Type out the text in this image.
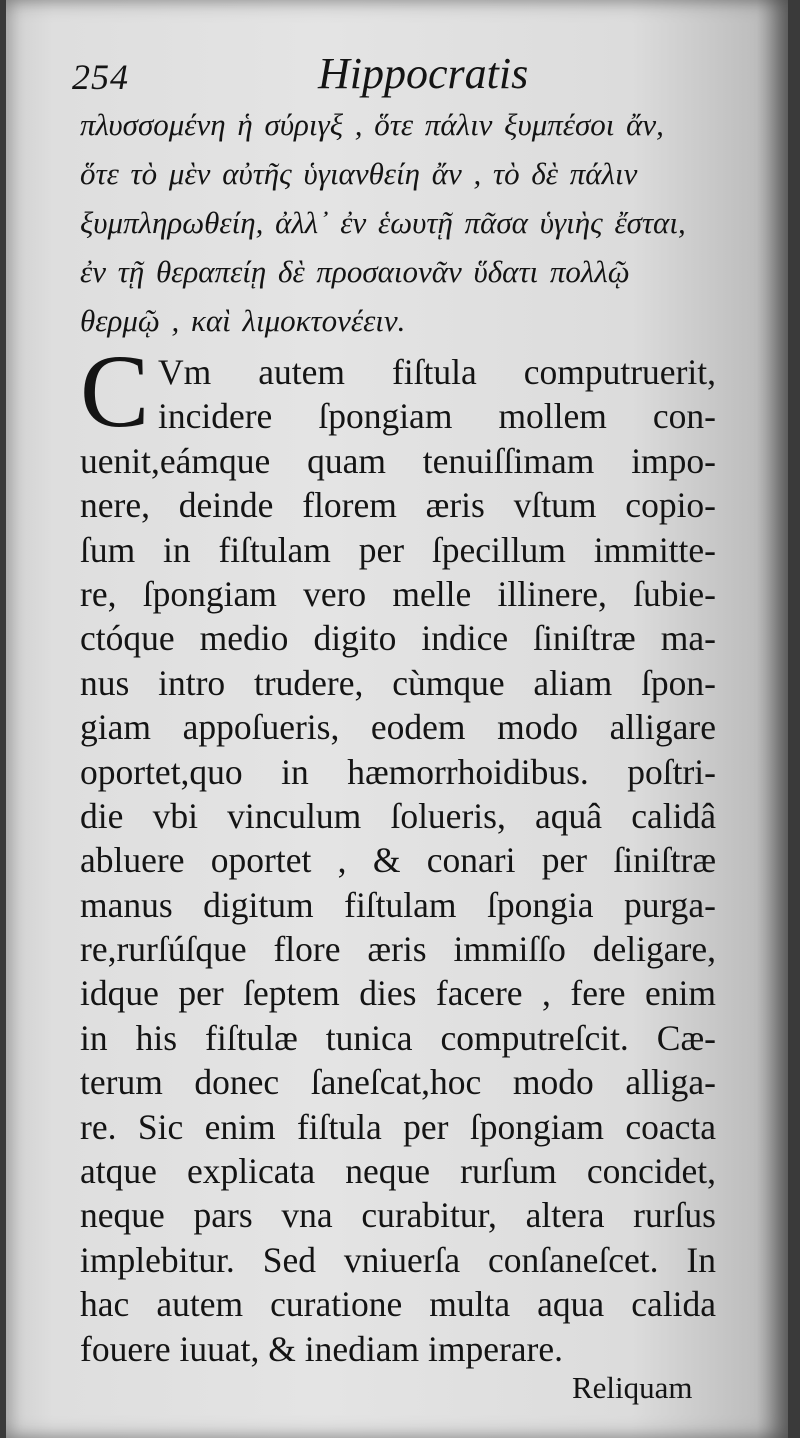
254	Hippocratis
πλυσσομένη ἡ σύριγξ , ὅτε πάλιν ξυμπέσοι ἄν,
ὅτε τὸ μὲν αὐτῆς ὑγιανθείη ἄν , τὸ δὲ πάλιν
ξυμπληρωθείη, ἀλλ᾽ ἐν ἑωυτῇ πᾶσα ὑγιὴς ἔσται,
ἐν τῇ θεραπείῃ δὲ προσαιονᾶν ὕδατι πολλῷ
θερμῷ , καὶ λιμοκτονέειν.
C Vm autem fiſtula computruerit,
incidere ſpongiam mollem con-
uenit,eámque quam tenuiſſimam impo-
nere, deinde florem æris vſtum copio-
ſum in fiſtulam per ſpecillum immitte-
re, ſpongiam vero melle illinere, ſubie-
ctóque medio digito indice ſiniſtræ ma-
nus intro trudere, cùmque aliam ſpon-
giam appoſueris, eodem modo alligare
oportet,quo in hæmorrhoidibus. poſtri-
die vbi vinculum ſolueris, aquâ calidâ
abluere oportet , & conari per ſiniſtræ
manus digitum fiſtulam ſpongia purga-
re,rurſúſque flore æris immiſſo deligare,
idque per ſeptem dies facere , fere enim
in his fiſtulæ tunica computreſcit. Cæ-
terum donec ſaneſcat,hoc modo alliga-
re. Sic enim fiſtula per ſpongiam coacta
atque explicata neque rurſum concidet,
neque pars vna curabitur, altera rurſus
implebitur. Sed vniuerſa conſaneſcet. In
hac autem curatione multa aqua calida
fouere iuuat, & inediam imperare.
Reliquam
